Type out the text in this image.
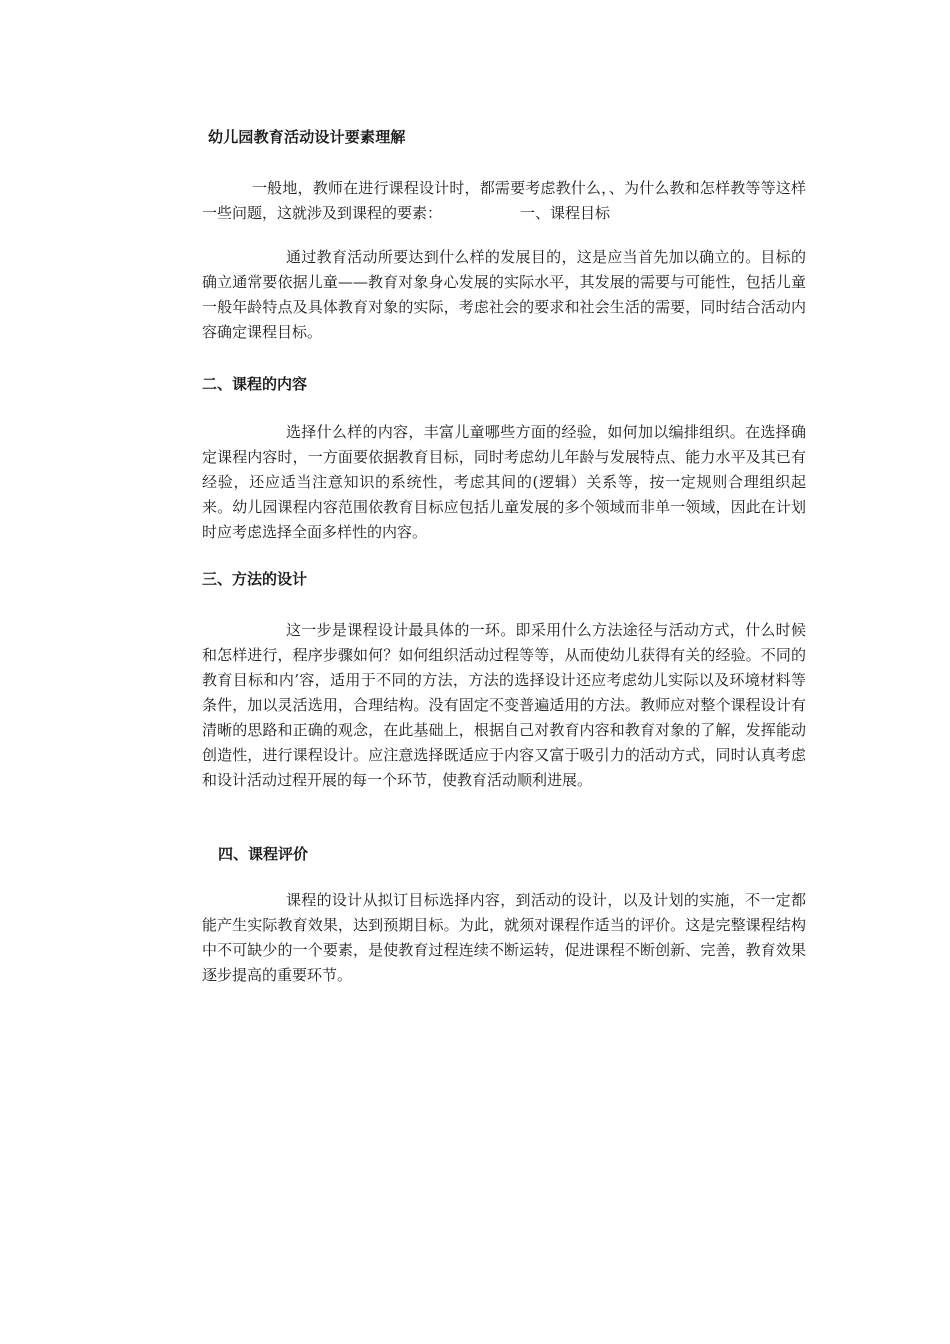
幼儿园教育活动设计要素理解

一般地，教师在进行课程设计时，都需要考虑教什么，、为什么教和怎样教等等这样一些问题，这就涉及到课程的要素：	一、课程目标

通过教育活动所要达到什么样的发展目的，这是应当首先加以确立的。目标的确立通常要依据儿童——教育对象身心发展的实际水平，其发展的需要与可能性，包括儿童一般年龄特点及具体教育对象的实际，考虑社会的要求和社会生活的需要，同时结合活动内容确定课程目标。

二、课程的内容

选择什么样的内容，丰富儿童哪些方面的经验，如何加以编排组织。在选择确定课程内容时，一方面要依据教育目标，同时考虑幼儿年龄与发展特点、能力水平及其已有经验，还应适当注意知识的系统性，考虑其间的(逻辑）关系等，按一定规则合理组织起来。幼儿园课程内容范围依教育目标应包括儿童发展的多个领域而非单一领域，因此在计划时应考虑选择全面多样性的内容。

三、方法的设计

这一步是课程设计最具体的一环。即采用什么方法途径与活动方式，什么时候和怎样进行，程序步骤如何？如何组织活动过程等等，从而使幼儿获得有关的经验。不同的教育目标和内’容，适用于不同的方法，方法的选择设计还应考虑幼儿实际以及环境材料等条件，加以灵活选用，合理结构。没有固定不变普遍适用的方法。教师应对整个课程设计有清晰的思路和正确的观念，在此基础上，根据自己对教育内容和教育对象的了解，发挥能动创造性，进行课程设计。应注意选择既适应于内容又富于吸引力的活动方式，同时认真考虑和设计活动过程开展的每一个环节，使教育活动顺利进展。

四、课程评价

课程的设计从拟订目标选择内容，到活动的设计，以及计划的实施，不一定都能产生实际教育效果，达到预期目标。为此，就须对课程作适当的评价。这是完整课程结构中不可缺少的一个要素，是使教育过程连续不断运转，促进课程不断创新、完善，教育效果逐步提高的重要环节。
